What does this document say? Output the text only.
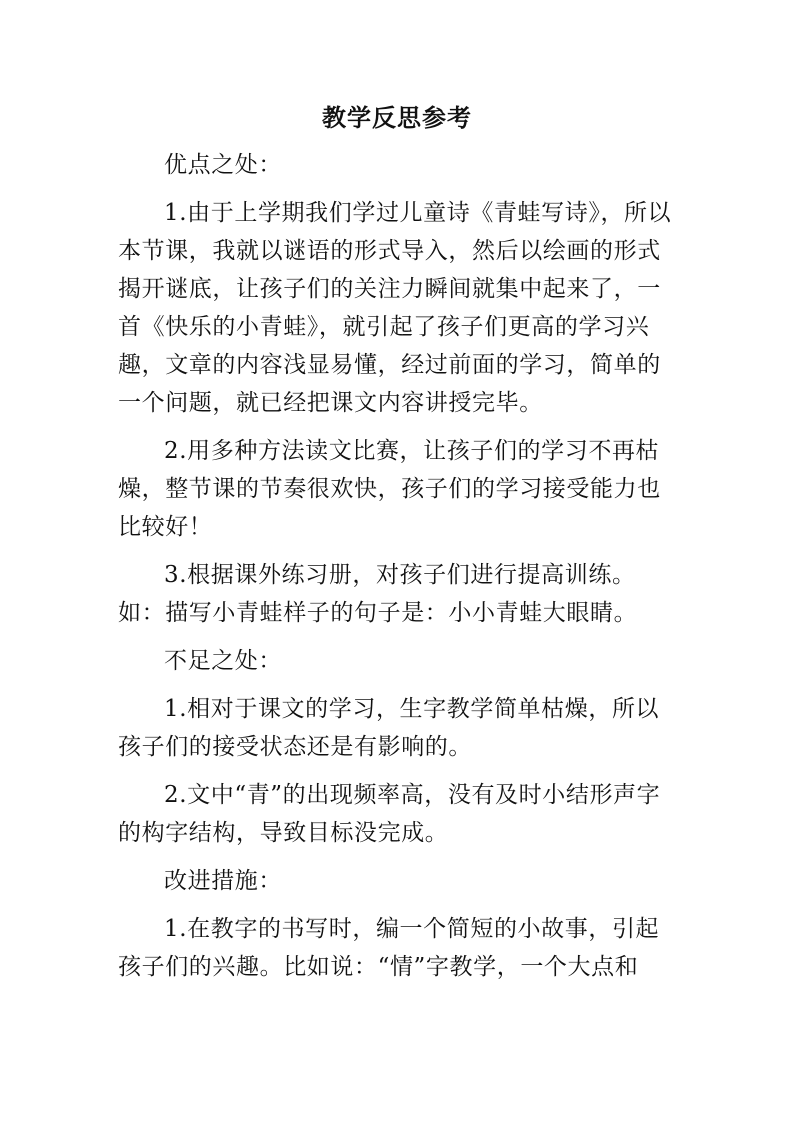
教学反思参考

优点之处：

1.由于上学期我们学过儿童诗《青蛙写诗》，所以本节课，我就以谜语的形式导入，然后以绘画的形式揭开谜底，让孩子们的关注力瞬间就集中起来了，一首《快乐的小青蛙》，就引起了孩子们更高的学习兴趣，文章的内容浅显易懂，经过前面的学习，简单的一个问题，就已经把课文内容讲授完毕。

2.用多种方法读文比赛，让孩子们的学习不再枯燥，整节课的节奏很欢快，孩子们的学习接受能力也比较好！

3.根据课外练习册，对孩子们进行提高训练。如：描写小青蛙样子的句子是：小小青蛙大眼睛。

不足之处：

1.相对于课文的学习，生字教学简单枯燥，所以孩子们的接受状态还是有影响的。

2.文中“青”的出现频率高，没有及时小结形声字的构字结构，导致目标没完成。

改进措施：

1.在教字的书写时，编一个简短的小故事，引起孩子们的兴趣。比如说：“情”字教学，一个大点和
